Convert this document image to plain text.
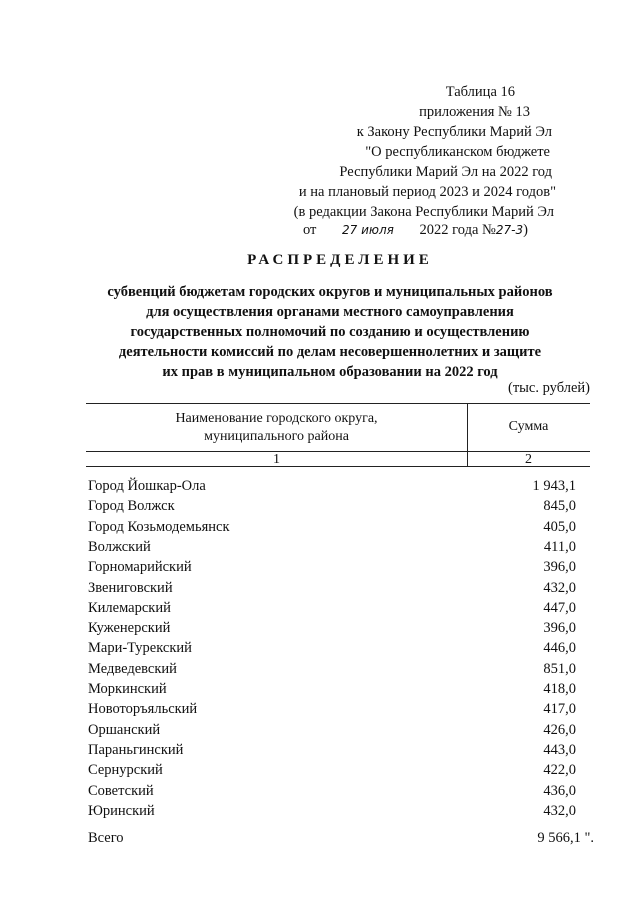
Таблица 16
приложения № 13
к Закону Республики Марий Эл
"О республиканском бюджете
Республики Марий Эл на 2022 год
и на плановый период 2023 и 2024 годов"
(в редакции Закона Республики Марий Эл
от 27 июля 2022 года №27-3)
РАСПРЕДЕЛЕНИЕ
субвенций бюджетам городских округов и муниципальных районов
для осуществления органами местного самоуправления
государственных полномочий по созданию и осуществлению
деятельности комиссий по делам несовершеннолетних и защите
их прав в муниципальном образовании на 2022 год
(тыс. рублей)
Наименование городского округа,
муниципального района
Сумма
1	2
Город Йошкар-Ола	1 943,1
Город Волжск	845,0
Город Козьмодемьянск	405,0
Волжский	411,0
Горномарийский	396,0
Звениговский	432,0
Килемарский	447,0
Куженерский	396,0
Мари-Турекский	446,0
Медведевский	851,0
Моркинский	418,0
Новоторъяльский	417,0
Оршанский	426,0
Параньгинский	443,0
Сернурский	422,0
Советский	436,0
Юринский	432,0
Всего	9 566,1 ".
